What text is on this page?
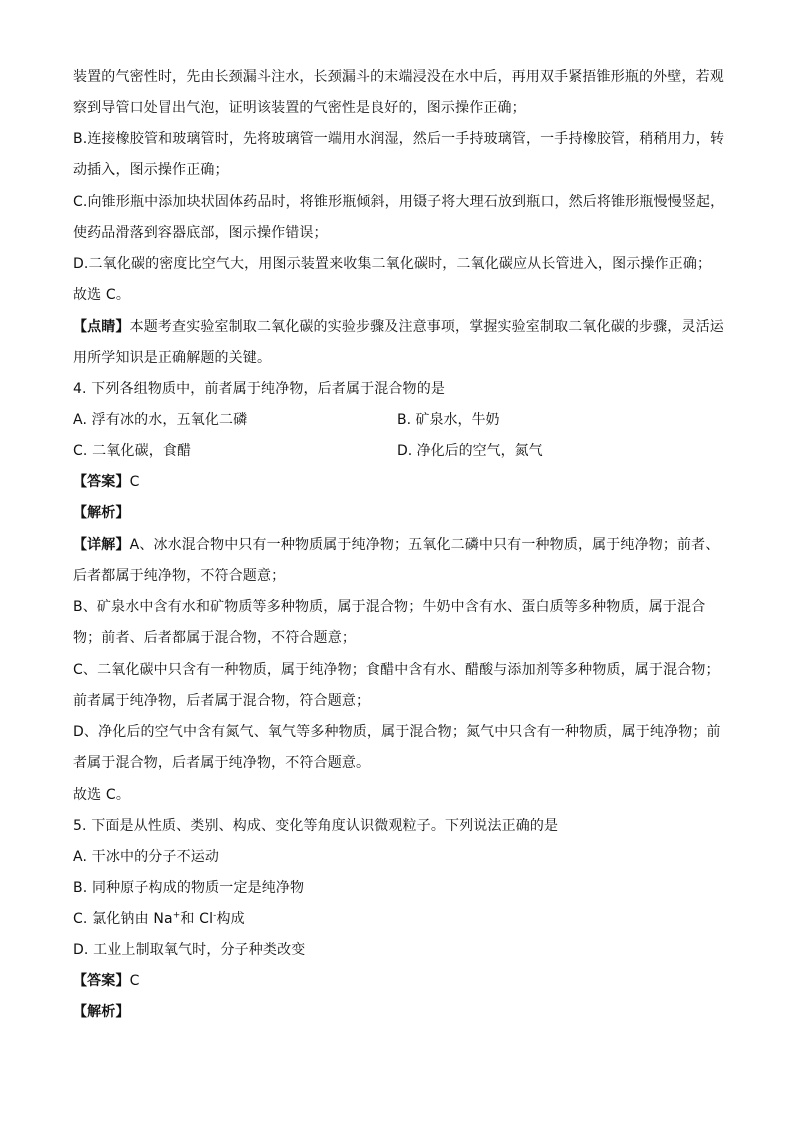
装置的气密性时，先由长颈漏斗注水，长颈漏斗的末端浸没在水中后，再用双手紧捂锥形瓶的外壁，若观
察到导管口处冒出气泡，证明该装置的气密性是良好的，图示操作正确；
B.连接橡胶管和玻璃管时，先将玻璃管一端用水润湿，然后一手持玻璃管，一手持橡胶管，稍稍用力，转
动插入，图示操作正确；
C.向锥形瓶中添加块状固体药品时，将锥形瓶倾斜，用镊子将大理石放到瓶口，然后将锥形瓶慢慢竖起，
使药品滑落到容器底部，图示操作错误；
D.二氧化碳的密度比空气大，用图示装置来收集二氧化碳时，二氧化碳应从长管进入，图示操作正确；
故选 C。
【点睛】本题考查实验室制取二氧化碳的实验步骤及注意事项，掌握实验室制取二氧化碳的步骤，灵活运
用所学知识是正确解题的关键。
4. 下列各组物质中，前者属于纯净物，后者属于混合物的是
A. 浮有冰的水，五氧化二磷	B. 矿泉水，牛奶
C. 二氧化碳，食醋	D. 净化后的空气，氮气
【答案】C
【解析】
【详解】A、冰水混合物中只有一种物质属于纯净物；五氧化二磷中只有一种物质，属于纯净物；前者、
后者都属于纯净物，不符合题意；
B、矿泉水中含有水和矿物质等多种物质，属于混合物；牛奶中含有水、蛋白质等多种物质，属于混合
物；前者、后者都属于混合物，不符合题意；
C、二氧化碳中只含有一种物质，属于纯净物；食醋中含有水、醋酸与添加剂等多种物质，属于混合物；
前者属于纯净物，后者属于混合物，符合题意；
D、净化后的空气中含有氮气、氧气等多种物质，属于混合物；氮气中只含有一种物质，属于纯净物；前
者属于混合物，后者属于纯净物，不符合题意。
故选 C。
5. 下面是从性质、类别、构成、变化等角度认识微观粒子。下列说法正确的是
A. 干冰中的分子不运动
B. 同种原子构成的物质一定是纯净物
C. 氯化钠由 Na+和 Cl-构成
D. 工业上制取氧气时，分子种类改变
【答案】C
【解析】
